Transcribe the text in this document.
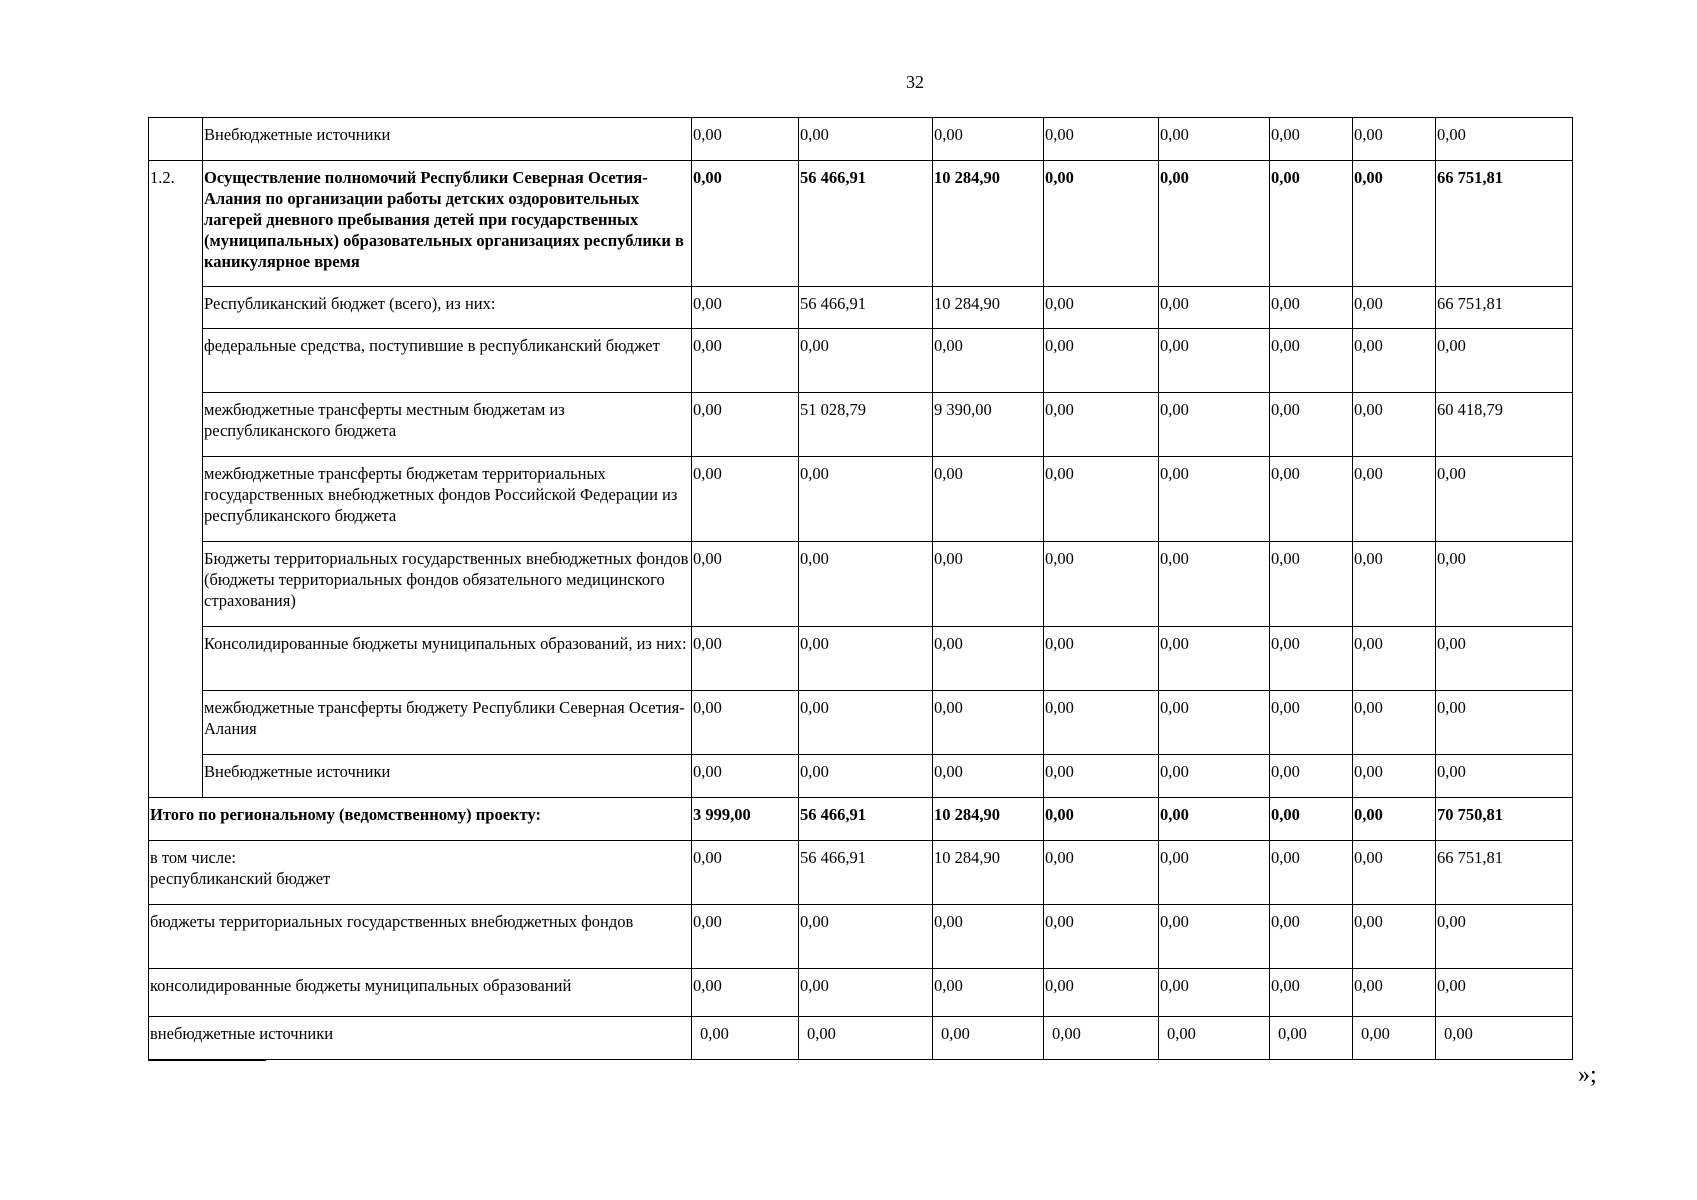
32
	Внебюджетные источники	0,00	0,00	0,00	0,00	0,00	0,00	0,00	0,00
1.2.	Осуществление полномочий Республики Северная Осетия-Алания по организации работы детских оздоровительных лагерей дневного пребывания детей при государственных (муниципальных) образовательных организациях республики в каникулярное время	0,00	56 466,91	10 284,90	0,00	0,00	0,00	0,00	66 751,81
	Республиканский бюджет (всего), из них:	0,00	56 466,91	10 284,90	0,00	0,00	0,00	0,00	66 751,81
	федеральные средства, поступившие в республиканский бюджет	0,00	0,00	0,00	0,00	0,00	0,00	0,00	0,00
	межбюджетные трансферты местным бюджетам из республиканского бюджета	0,00	51 028,79	9 390,00	0,00	0,00	0,00	0,00	60 418,79
	межбюджетные трансферты бюджетам территориальных государственных внебюджетных фондов Российской Федерации из республиканского бюджета	0,00	0,00	0,00	0,00	0,00	0,00	0,00	0,00
	Бюджеты территориальных государственных внебюджетных фондов (бюджеты территориальных фондов обязательного медицинского страхования)	0,00	0,00	0,00	0,00	0,00	0,00	0,00	0,00
	Консолидированные бюджеты муниципальных образований, из них:	0,00	0,00	0,00	0,00	0,00	0,00	0,00	0,00
	межбюджетные трансферты бюджету Республики Северная Осетия-Алания	0,00	0,00	0,00	0,00	0,00	0,00	0,00	0,00
	Внебюджетные источники	0,00	0,00	0,00	0,00	0,00	0,00	0,00	0,00
Итого по региональному (ведомственному) проекту:		3 999,00	56 466,91	10 284,90	0,00	0,00	0,00	0,00	70 750,81
в том числе:
республиканский бюджет		0,00	56 466,91	10 284,90	0,00	0,00	0,00	0,00	66 751,81
бюджеты территориальных государственных внебюджетных фондов		0,00	0,00	0,00	0,00	0,00	0,00	0,00	0,00
консолидированные бюджеты муниципальных образований		0,00	0,00	0,00	0,00	0,00	0,00	0,00	0,00
внебюджетные источники		0,00	0,00	0,00	0,00	0,00	0,00	0,00	0,00
»;
